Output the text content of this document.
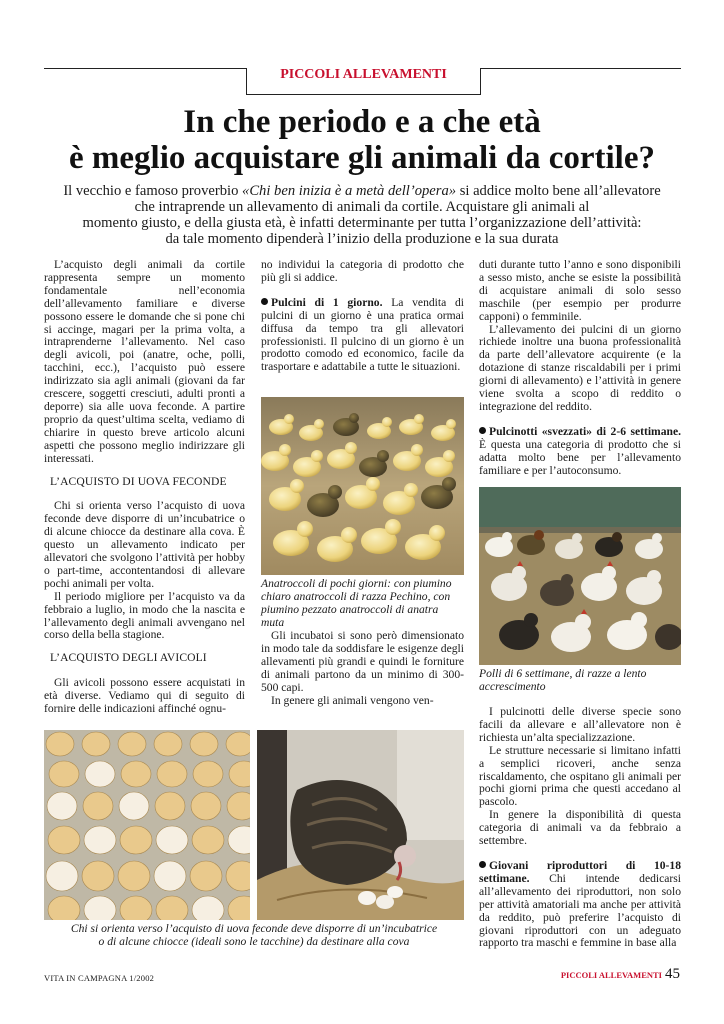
PICCOLI ALLEVAMENTI
In che periodo e a che età
è meglio acquistare gli animali da cortile?
Il vecchio e famoso proverbio «Chi ben inizia è a metà dell’opera» si addice molto bene all’allevatore
che intraprende un allevamento di animali da cortile. Acquistare gli animali al
momento giusto, e della giusta età, è infatti determinante per tutta l’organizzazione dell’attività:
da tale momento dipenderà l’inizio della produzione e la sua durata

L’acquisto degli animali da cortile rappresenta sempre un momento fondamentale nell’economia dell’allevamento familiare e diverse possono essere le domande che si pone chi si accinge, magari per la prima volta, a intraprenderne l’allevamento. Nel caso degli avicoli, poi (anatre, oche, polli, tacchini, ecc.), l’acquisto può essere indirizzato sia agli animali (giovani da far crescere, soggetti cresciuti, adulti pronti a deporre) sia alle uova feconde. A partire proprio da quest’ultima scelta, vediamo di chiarire in questo breve articolo alcuni aspetti che possono meglio indirizzare gli interessati.

L’ACQUISTO DI UOVA FECONDE

Chi si orienta verso l’acquisto di uova feconde deve disporre di un’incubatrice o di alcune chiocce da destinare alla cova. È questo un allevamento indicato per allevatori che svolgono l’attività per hobby o part-time, accontentandosi di allevare pochi animali per volta.

Il periodo migliore per l’acquisto va da febbraio a luglio, in modo che la nascita e l’allevamento degli animali avvengano nel corso della bella stagione.

L’ACQUISTO DEGLI AVICOLI

Gli avicoli possono essere acquistati in età diverse. Vediamo qui di seguito di fornire delle indicazioni affinché ognu-

no individui la categoria di prodotto che più gli si addice.

Pulcini di 1 giorno. La vendita di pulcini di un giorno è una pratica ormai diffusa da tempo tra gli allevatori professionisti. Il pulcino di un giorno è un prodotto comodo ed economico, facile da trasportare e adattabile a tutte le situazioni.

Anatroccoli di pochi giorni: con piumino chiaro anatroccoli di razza Pechino, con piumino pezzato anatroccoli di anatra muta

Gli incubatoi si sono però dimensionato in modo tale da soddisfare le esigenze degli allevamenti più grandi e quindi le forniture di animali partono da un minimo di 300-500 capi.

In genere gli animali vengono ven-

duti durante tutto l’anno e sono disponibili a sesso misto, anche se esiste la possibilità di acquistare animali di solo sesso maschile (per esempio per produrre capponi) o femminile.

L’allevamento dei pulcini di un giorno richiede inoltre una buona professionalità da parte dell’allevatore acquirente (e la dotazione di stanze riscaldabili per i primi giorni di allevamento) e l’attività in genere viene svolta a scopo di reddito o integrazione del reddito.

Pulcinotti «svezzati» di 2-6 settimane. È questa una categoria di prodotto che si adatta molto bene per l’allevamento familiare e per l’autoconsumo.

Polli di 6 settimane, di razze a lento accrescimento

I pulcinotti delle diverse specie sono facili da allevare e all’allevatore non è richiesta un’alta specializzazione.

Le strutture necessarie si limitano infatti a semplici ricoveri, anche senza riscaldamento, che ospitano gli animali per pochi giorni prima che questi accedano al pascolo.

In genere la disponibilità di questa categoria di animali va da febbraio a settembre.

Giovani riproduttori di 10-18 settimane. Chi intende dedicarsi all’allevamento dei riproduttori, non solo per attività amatoriali ma anche per attività da reddito, può preferire l’acquisto di giovani riproduttori con un adeguato rapporto tra maschi e femmine in base alla

Chi si orienta verso l’acquisto di uova feconde deve disporre di un’incubatrice
o di alcune chiocce (ideali sono le tacchine) da destinare alla cova
VITA IN CAMPAGNA 1/2002	PICCOLI ALLEVAMENTI 45
